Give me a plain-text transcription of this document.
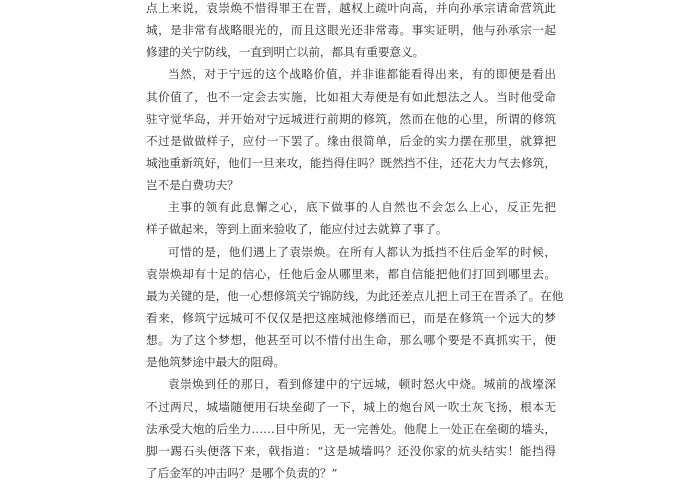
点上来说，袁崇焕不惜得罪王在晋，越权上疏叶向高，并向孙承宗请命营筑此
城，是非常有战略眼光的，而且这眼光还非常毒。事实证明，他与孙承宗一起
修建的关宁防线，一直到明亡以前，都具有重要意义。
当然，对于宁远的这个战略价值，并非谁都能看得出来，有的即便是看出
其价值了，也不一定会去实施，比如祖大寿便是有如此想法之人。当时他受命
驻守觉华岛，并开始对宁远城进行前期的修筑，然而在他的心里，所谓的修筑
不过是做做样子，应付一下罢了。缘由很简单，后金的实力摆在那里，就算把
城池重新筑好，他们一旦来攻，能挡得住吗？既然挡不住，还花大力气去修筑，
岂不是白费功夫？
主事的领有此息懈之心，底下做事的人自然也不会怎么上心，反正先把
样子做起来，等到上面来验收了，能应付过去就算了事了。
可惜的是，他们遇上了袁崇焕。在所有人都认为抵挡不住后金军的时候，
袁崇焕却有十足的信心，任他后金从哪里来，都自信能把他们打回到哪里去。
最为关键的是，他一心想修筑关宁锦防线，为此还差点儿把上司王在晋杀了。在他
看来，修筑宁远城可不仅仅是把这座城池修缮而已，而是在修筑一个远大的梦
想。为了这个梦想，他甚至可以不惜付出生命，那么哪个要是不真抓实干，便
是他筑梦途中最大的阻碍。
袁崇焕到任的那日，看到修建中的宁远城，顿时怒火中烧。城前的战壕深
不过两尺，城墙随便用石块垒砌了一下，城上的炮台风一吹土灰飞扬，根本无
法承受大炮的后坐力……目中所见，无一完善处。他爬上一处正在垒砌的墙头，
脚一踢石头便落下来，戟指道：“这是城墙吗？还没你家的炕头结实！能挡得
了后金军的冲击吗？是哪个负责的？”
